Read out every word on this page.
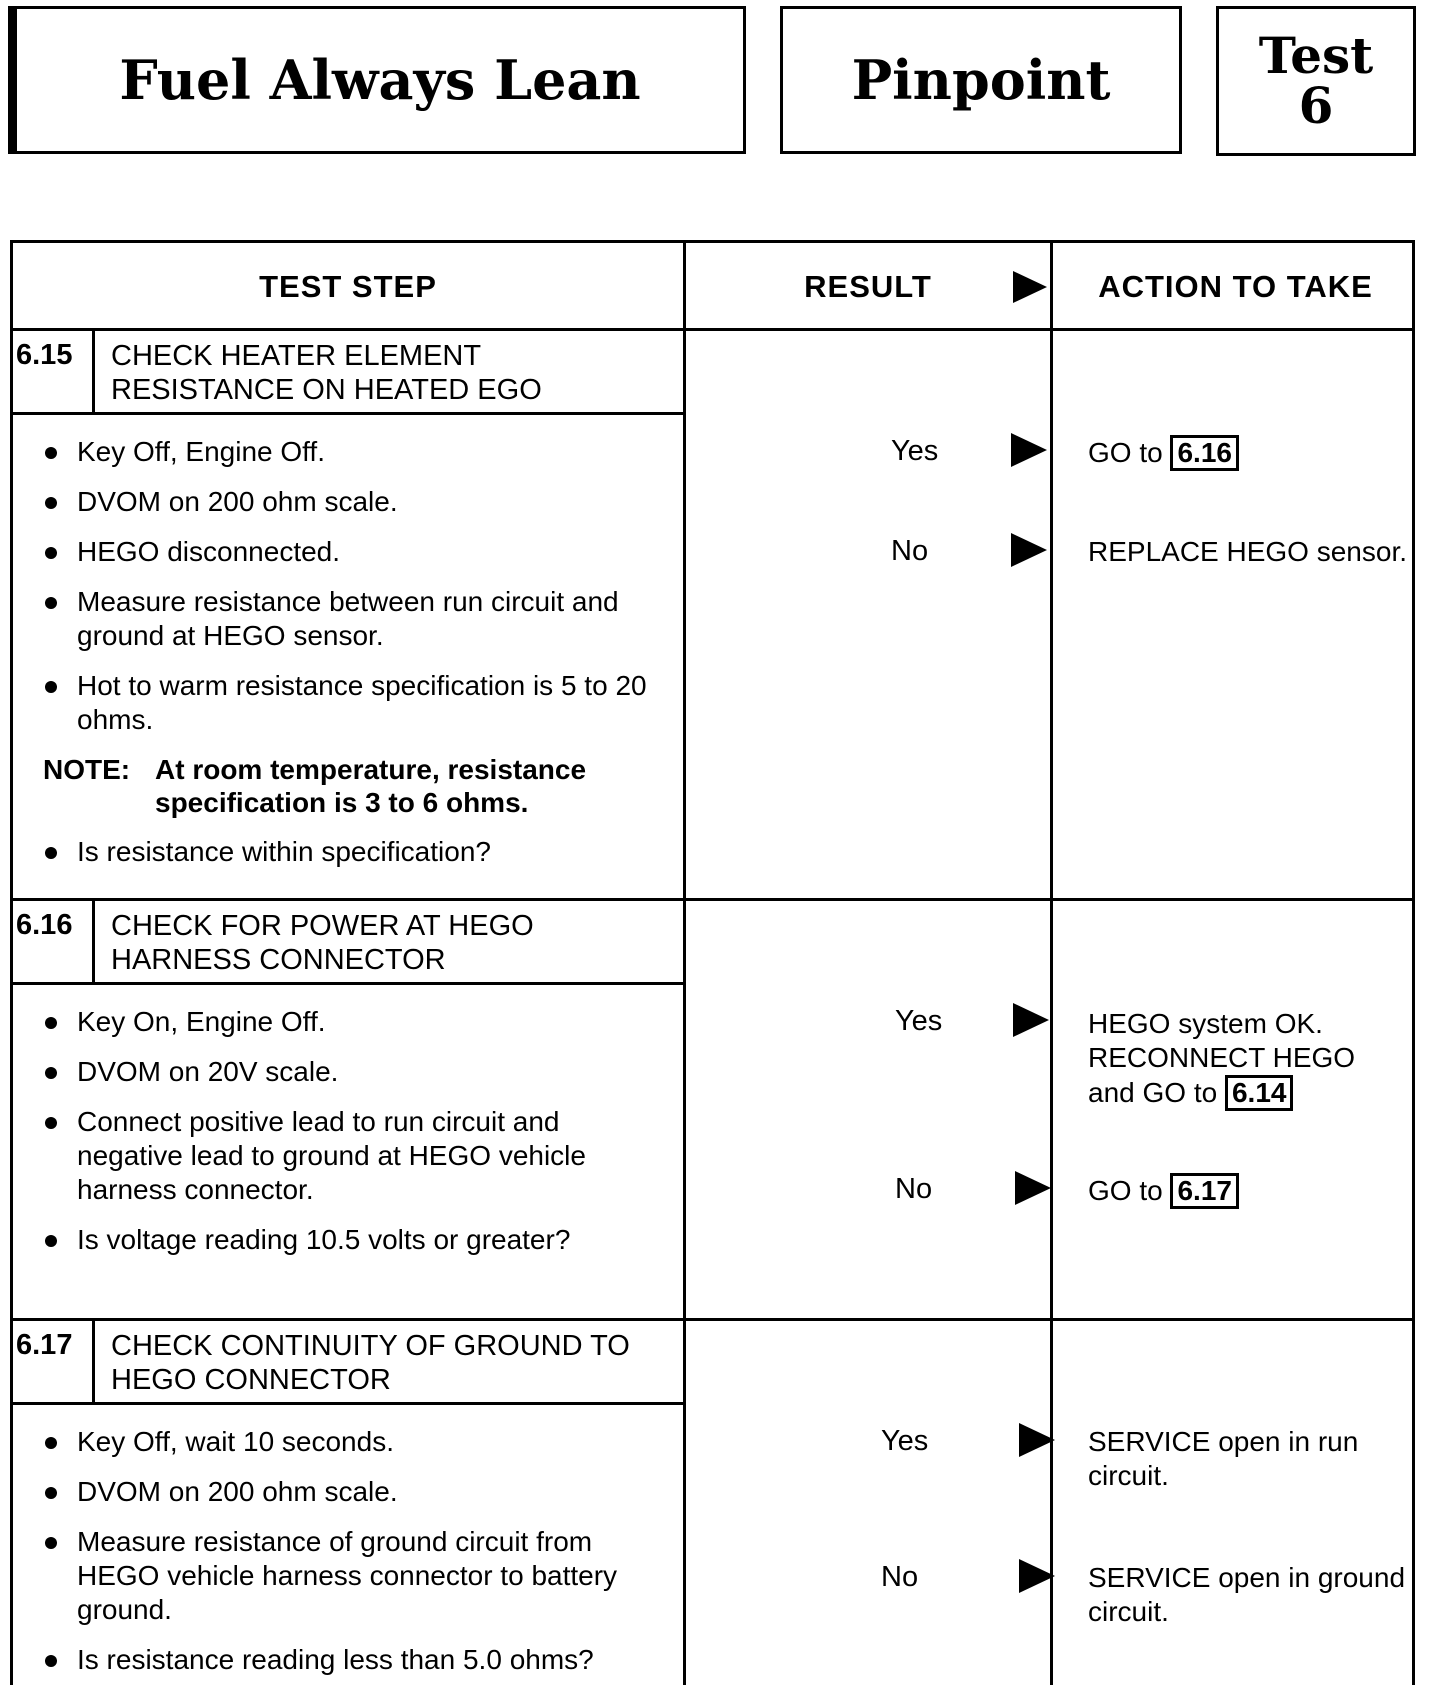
Fuel Always Lean	Pinpoint	Test
6
TEST STEP	RESULT	ACTION TO TAKE
6.15	CHECK HEATER ELEMENT RESISTANCE ON HEATED EGO
Key Off, Engine Off.
DVOM on 200 ohm scale.
HEGO disconnected.
Measure resistance between run circuit and ground at HEGO sensor.
Hot to warm resistance specification is 5 to 20 ohms.
NOTE: At room temperature, resistance specification is 3 to 6 ohms.
Is resistance within specification?
Yes	GO to 6.16
No	REPLACE HEGO sensor.
6.16	CHECK FOR POWER AT HEGO HARNESS CONNECTOR
Key On, Engine Off.
DVOM on 20V scale.
Connect positive lead to run circuit and negative lead to ground at HEGO vehicle harness connector.
Is voltage reading 10.5 volts or greater?
Yes	HEGO system OK.
RECONNECT HEGO
and GO to 6.14
No	GO to 6.17
6.17	CHECK CONTINUITY OF GROUND TO HEGO CONNECTOR
Key Off, wait 10 seconds.
DVOM on 200 ohm scale.
Measure resistance of ground circuit from HEGO vehicle harness connector to battery ground.
Is resistance reading less than 5.0 ohms?
Yes	SERVICE open in run circuit.
No	SERVICE open in ground circuit.
